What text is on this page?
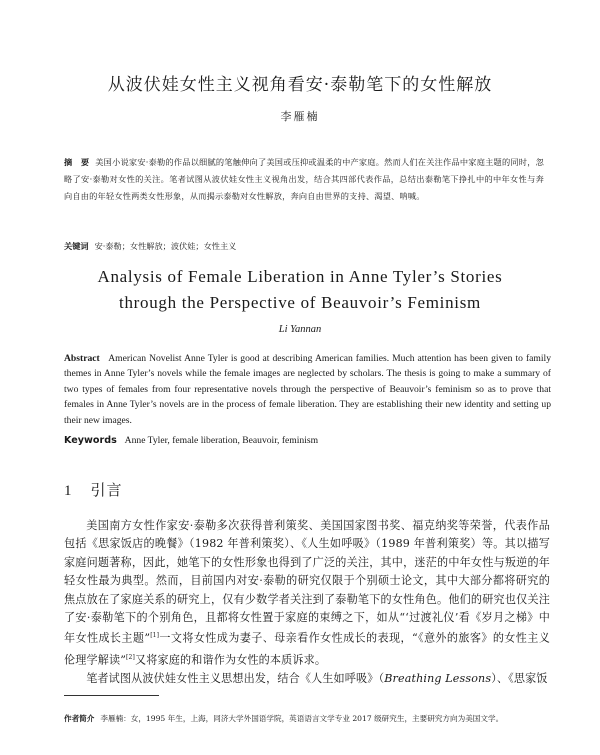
从波伏娃女性主义视角看安·泰勒笔下的女性解放
李雁楠
摘　要 美国小说家安·泰勒的作品以细腻的笔触伸向了美国或压抑或温柔的中产家庭。然而人们在关注作品中家庭主题的同时，忽略了安·泰勒对女性的关注。笔者试图从波伏娃女性主义视角出发，结合其四部代表作品，总结出泰勒笔下挣扎中的中年女性与奔向自由的年轻女性两类女性形象，从而揭示泰勒对女性解放，奔向自由世界的支持、渴望、呐喊。
关键词 安·泰勒；女性解放；波伏娃；女性主义
Analysis of Female Liberation in Anne Tyler’s Stories
through the Perspective of Beauvoir’s Feminism
Li Yannan
Abstract American Novelist Anne Tyler is good at describing American families. Much attention has been given to family themes in Anne Tyler’s novels while the female images are neglected by scholars. The thesis is going to make a summary of two types of females from four representative novels through the perspective of Beauvoir’s feminism so as to prove that females in Anne Tyler’s novels are in the process of female liberation. They are establishing their new identity and setting up their new images.
Keywords Anne Tyler, female liberation, Beauvoir, feminism
1 引言

美国南方女性作家安·泰勒多次获得普利策奖、美国国家图书奖、福克纳奖等荣誉，代表作品包括《思家饭店的晚餐》（1982 年普利策奖）、《人生如呼吸》（1989 年普利策奖）等。其以描写家庭问题著称，因此，她笔下的女性形象也得到了广泛的关注，其中，迷茫的中年女性与叛逆的年轻女性最为典型。然而，目前国内对安·泰勒的研究仅限于个别硕士论文，其中大部分都将研究的焦点放在了家庭关系的研究上，仅有少数学者关注到了泰勒笔下的女性角色。他们的研究也仅关注了安·泰勒笔下的个别角色，且都将女性置于家庭的束缚之下，如从“‘过渡礼仪’看《岁月之梯》中年女性成长主题”[1]一文将女性成为妻子、母亲看作女性成长的表现，“《意外的旅客》的女性主义伦理学解读”[2]又将家庭的和谐作为女性的本质诉求。

笔者试图从波伏娃女性主义思想出发，结合《人生如呼吸》（Breathing Lessons）、《思家饭

作者简介 李雁楠：女，1995 年生，上海，同济大学外国语学院，英语语言文学专业 2017 级研究生，主要研究方向为美国文学。
